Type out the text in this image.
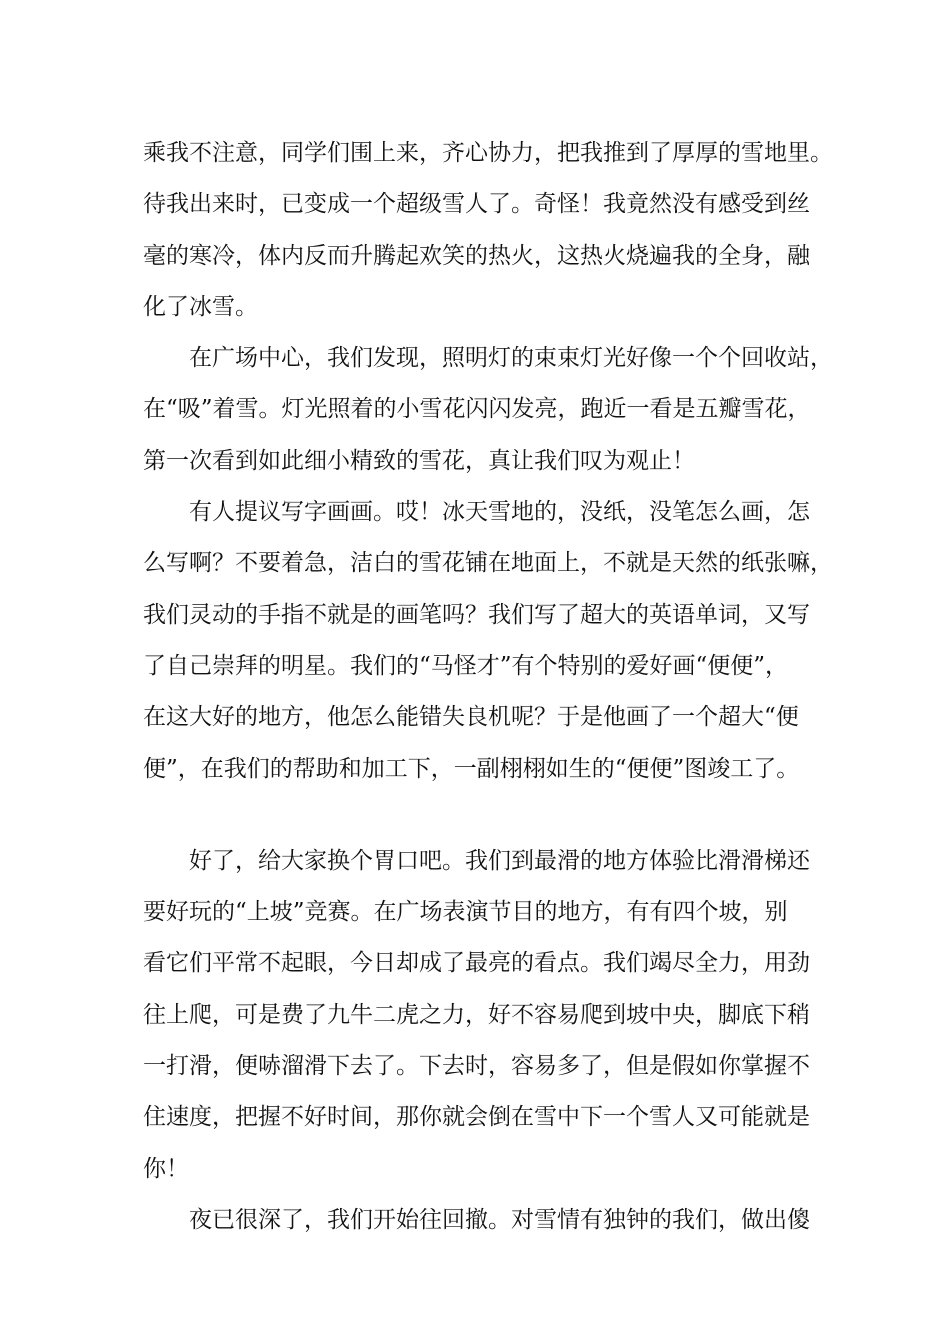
乘我不注意，同学们围上来，齐心协力，把我推到了厚厚的雪地里。
待我出来时，已变成一个超级雪人了。奇怪！我竟然没有感受到丝
毫的寒冷，体内反而升腾起欢笑的热火，这热火烧遍我的全身，融
化了冰雪。
在广场中心，我们发现，照明灯的束束灯光好像一个个回收站，
在“吸”着雪。灯光照着的小雪花闪闪发亮，跑近一看是五瓣雪花，
第一次看到如此细小精致的雪花，真让我们叹为观止！
有人提议写字画画。哎！冰天雪地的，没纸，没笔怎么画，怎
么写啊？不要着急，洁白的雪花铺在地面上，不就是天然的纸张嘛，
我们灵动的手指不就是的画笔吗？我们写了超大的英语单词，又写
了自己崇拜的明星。我们的“马怪才”有个特别的爱好画“便便”，
在这大好的地方，他怎么能错失良机呢？于是他画了一个超大“便
便”，在我们的帮助和加工下，一副栩栩如生的“便便”图竣工了。
好了，给大家换个胃口吧。我们到最滑的地方体验比滑滑梯还
要好玩的“上坡”竞赛。在广场表演节目的地方，有有四个坡，别
看它们平常不起眼，今日却成了最亮的看点。我们竭尽全力，用劲
往上爬，可是费了九牛二虎之力，好不容易爬到坡中央，脚底下稍
一打滑，便哧溜滑下去了。下去时，容易多了，但是假如你掌握不
住速度，把握不好时间，那你就会倒在雪中下一个雪人又可能就是
你！
夜已很深了，我们开始往回撤。对雪情有独钟的我们，做出傻
